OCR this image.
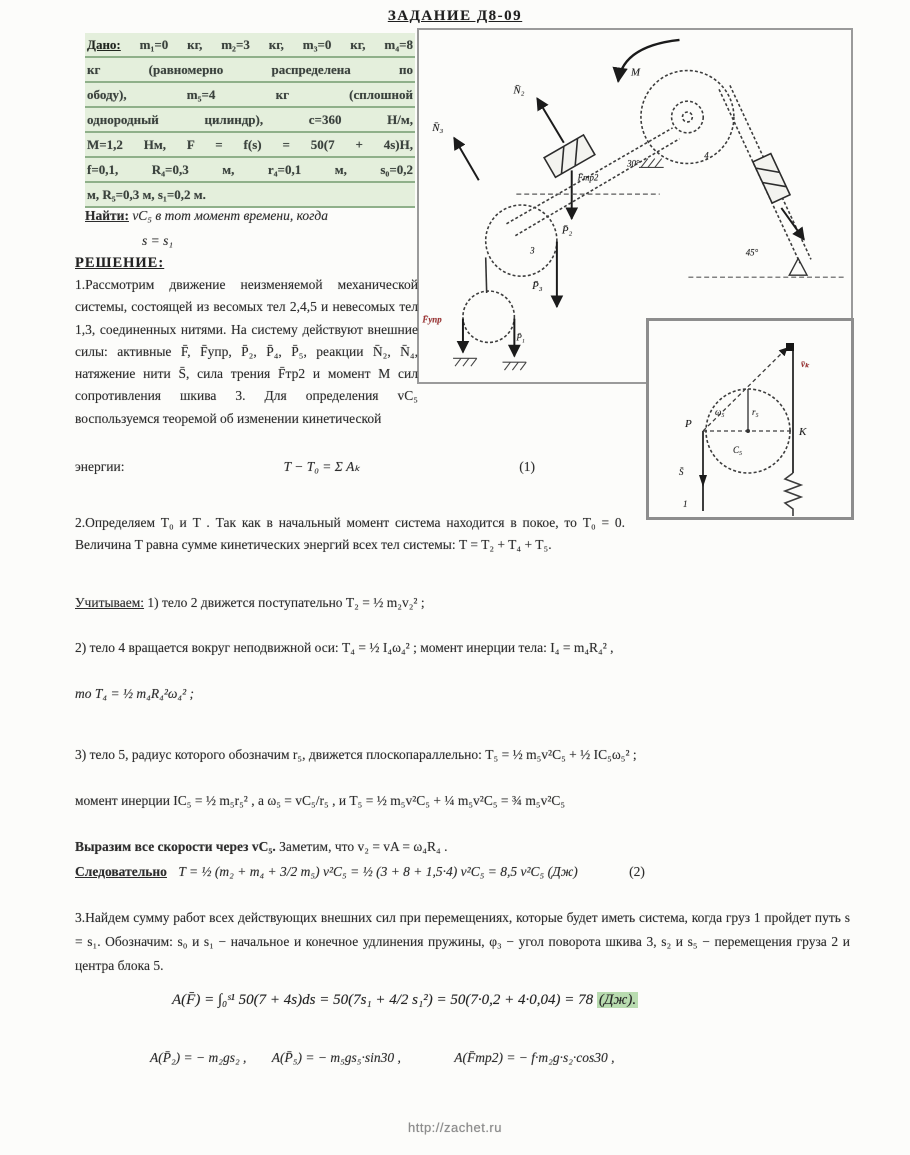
ЗАДАНИЕ Д8-09
M
N̄₂
N̄₃
P̄₂
P̄₃
F̄тр2
P̄₁
F̄упр
30°
45°
4
3
P
K
C₅
r₅
ω₅
v̄ₖ
S̄
1
Дано: m₁=0 кг, m₂=3 кг, m₃=0 кг, m₄=8
кг (равномерно распределена по
ободу), m₅=4 кг (сплошной
однородный цилиндр), с=360 Н/м,
М=1,2 Нм, F = f(s) = 50(7 + 4s)Н,
f=0,1, R₄=0,3 м, r₄=0,1 м, s₀=0,2
м, R₅=0,3 м, s₁=0,2 м.
Найти: vC₅ в тот момент времени, когда
s = s₁
РЕШЕНИЕ:
1.Рассмотрим движение неизменяемой механической системы, состоящей из весомых тел 2,4,5 и невесомых тел 1,3, соединенных нитями. На систему действуют внешние силы: активные F̄, F̄упр, P̄₂, P̄₄, P̄₅, реакции N̄₂, N̄₄, натяжение нити S̄, сила трения F̄тр2 и момент M сил сопротивления шкива 3. Для определения vC₅ воспользуемся теоремой об изменении кинетической
энергии:	T − T₀ = Σ Aₖ	(1)
2.Определяем T₀ и T . Так как в начальный момент система находится в покое, то T₀ = 0. Величина T равна сумме кинетических энергий всех тел системы: T = T₂ + T₄ + T₅.
Учитываем: 1) тело 2 движется поступательно T₂ = ½ m₂v₂² ;
2) тело 4 вращается вокруг неподвижной оси: T₄ = ½ I₄ω₄² ; момент инерции тела: I₄ = m₄R₄² ,
то T₄ = ½ m₄R₄²ω₄² ;
3) тело 5, радиус которого обозначим r₅, движется плоскопараллельно: T₅ = ½ m₅v²C₅ + ½ IC₅ω₅² ;
момент инерции IC₅ = ½ m₅r₅² , а ω₅ = vC₅/r₅ , и T₅ = ½ m₅v²C₅ + ¼ m₅v²C₅ = ¾ m₅v²C₅
Выразим все скорости через vC₅. Заметим, что v₂ = vA = ω₄R₄ .
Следовательно T = ½ (m₂ + m₄ + 3/2 m₅) v²C₅ = ½ (3 + 8 + 1,5·4) v²C₅ = 8,5 v²C₅ (Дж)	(2)
3.Найдем сумму работ всех действующих внешних сил при перемещениях, которые будет иметь система, когда груз 1 пройдет путь s = s₁. Обозначим: s₀ и s₁ − начальное и конечное удлинения пружины, φ₃ − угол поворота шкива 3, s₂ и s₅ − перемещения груза 2 и центра блока 5.
A(F̄) = ∫₀ˢ¹ 50(7 + 4s)ds = 50(7s₁ + 4/2 s₁²) = 50(7·0,2 + 4·0,04) = 78 (Дж).
A(P̄₂) = − m₂gs₂ , A(P̄₅) = − m₅gs₅·sin30 ,	A(F̄тр2) = − f·m₂g·s₂·cos30 ,
http://zachet.ru
